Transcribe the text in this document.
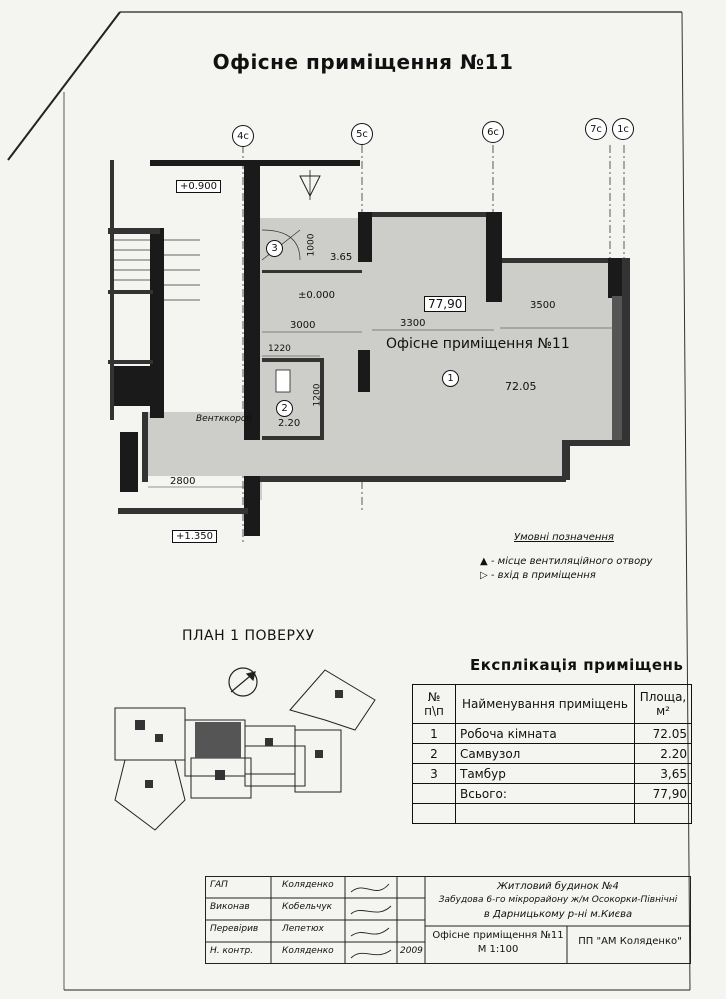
Офісне приміщення №11
4c	5c	6c	7c	1c
+0.900
±0.000
+1.350
77,90
Офісне приміщення №11
1
72.05
2
2.20
3
3.65
3000	3300
3500
2800
1220
1000
1200
Вентккороб
Умовні позначення
▲ - місце вентиляційного отвору
▷ - вхід в приміщення
ПЛАН 1 ПОВЕРХУ
Експлікація приміщень
№ п\п	Найменування приміщень	Площа, м²
1	Робоча кімната	72.05
2	Самвузол	2.20
3	Тамбур	3,65
	Всього:	77,90

ГАП	Коляденко
Виконав	Кобельчук
Перевірив	Лепетюх
Н. контр.	Коляденко	2009
Житловий будинок №4
Забудова 6-го мікрорайону ж/м Осокорки-Північні
в Дарницькому р-ні м.Києва
Офісне приміщення №11
М 1:100
ПП "АМ Коляденко"
